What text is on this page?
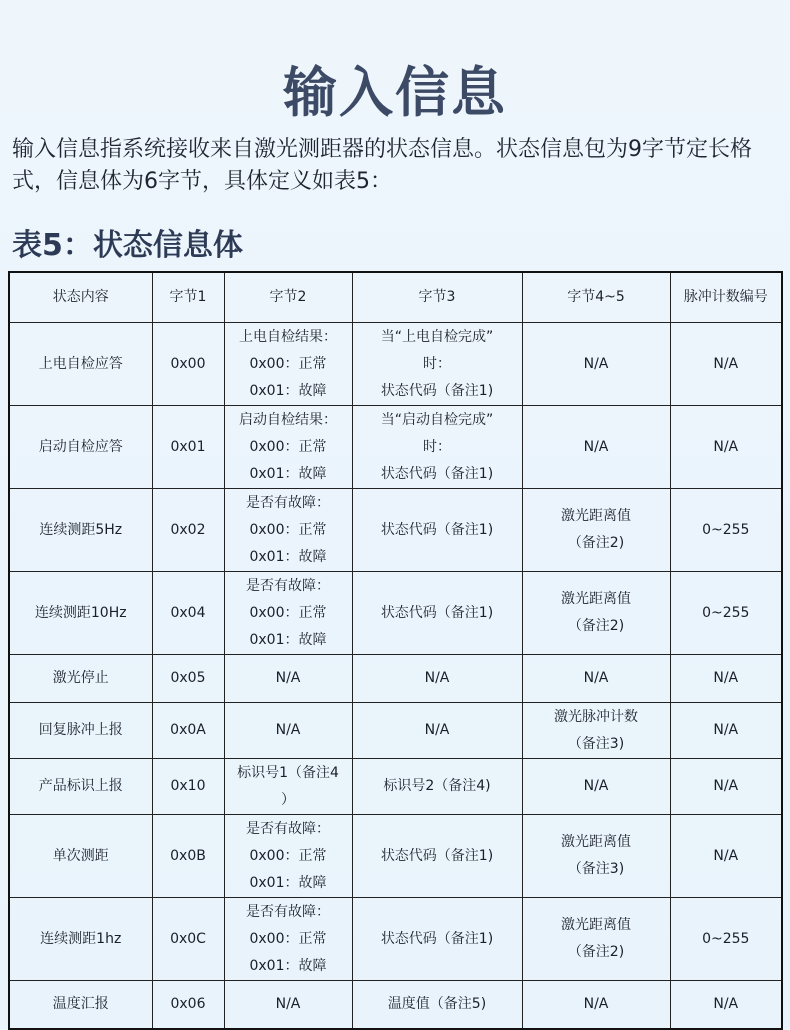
输入信息
输入信息指系统接收来自激光测距器的状态信息。状态信息包为9字节定长格式，信息体为6字节，具体定义如表5：
表5：状态信息体
状态内容	字节1	字节2	字节3	字节4~5	脉冲计数编号
上电自检应答	0x00	上电自检结果：
0x00：正常
0x01：故障	当“上电自检完成”
时：
状态代码（备注1)	N/A	N/A
启动自检应答	0x01	启动自检结果：
0x00：正常
0x01：故障	当“启动自检完成”
时：
状态代码（备注1)	N/A	N/A
连续测距5Hz	0x02	是否有故障：
0x00：正常
0x01：故障	状态代码（备注1)	激光距离值
（备注2)	0~255
连续测距10Hz	0x04	是否有故障：
0x00：正常
0x01：故障	状态代码（备注1)	激光距离值
（备注2)	0~255
激光停止	0x05	N/A	N/A	N/A	N/A
回复脉冲上报	0x0A	N/A	N/A	激光脉冲计数
（备注3)	N/A
产品标识上报	0x10	标识号1（备注4
）	标识号2（备注4)	N/A	N/A
单次测距	0x0B	是否有故障：
0x00：正常
0x01：故障	状态代码（备注1)	激光距离值
（备注3)	N/A
连续测距1hz	0x0C	是否有故障：
0x00：正常
0x01：故障	状态代码（备注1)	激光距离值
（备注2)	0~255
温度汇报	0x06	N/A	温度值（备注5)	N/A	N/A
